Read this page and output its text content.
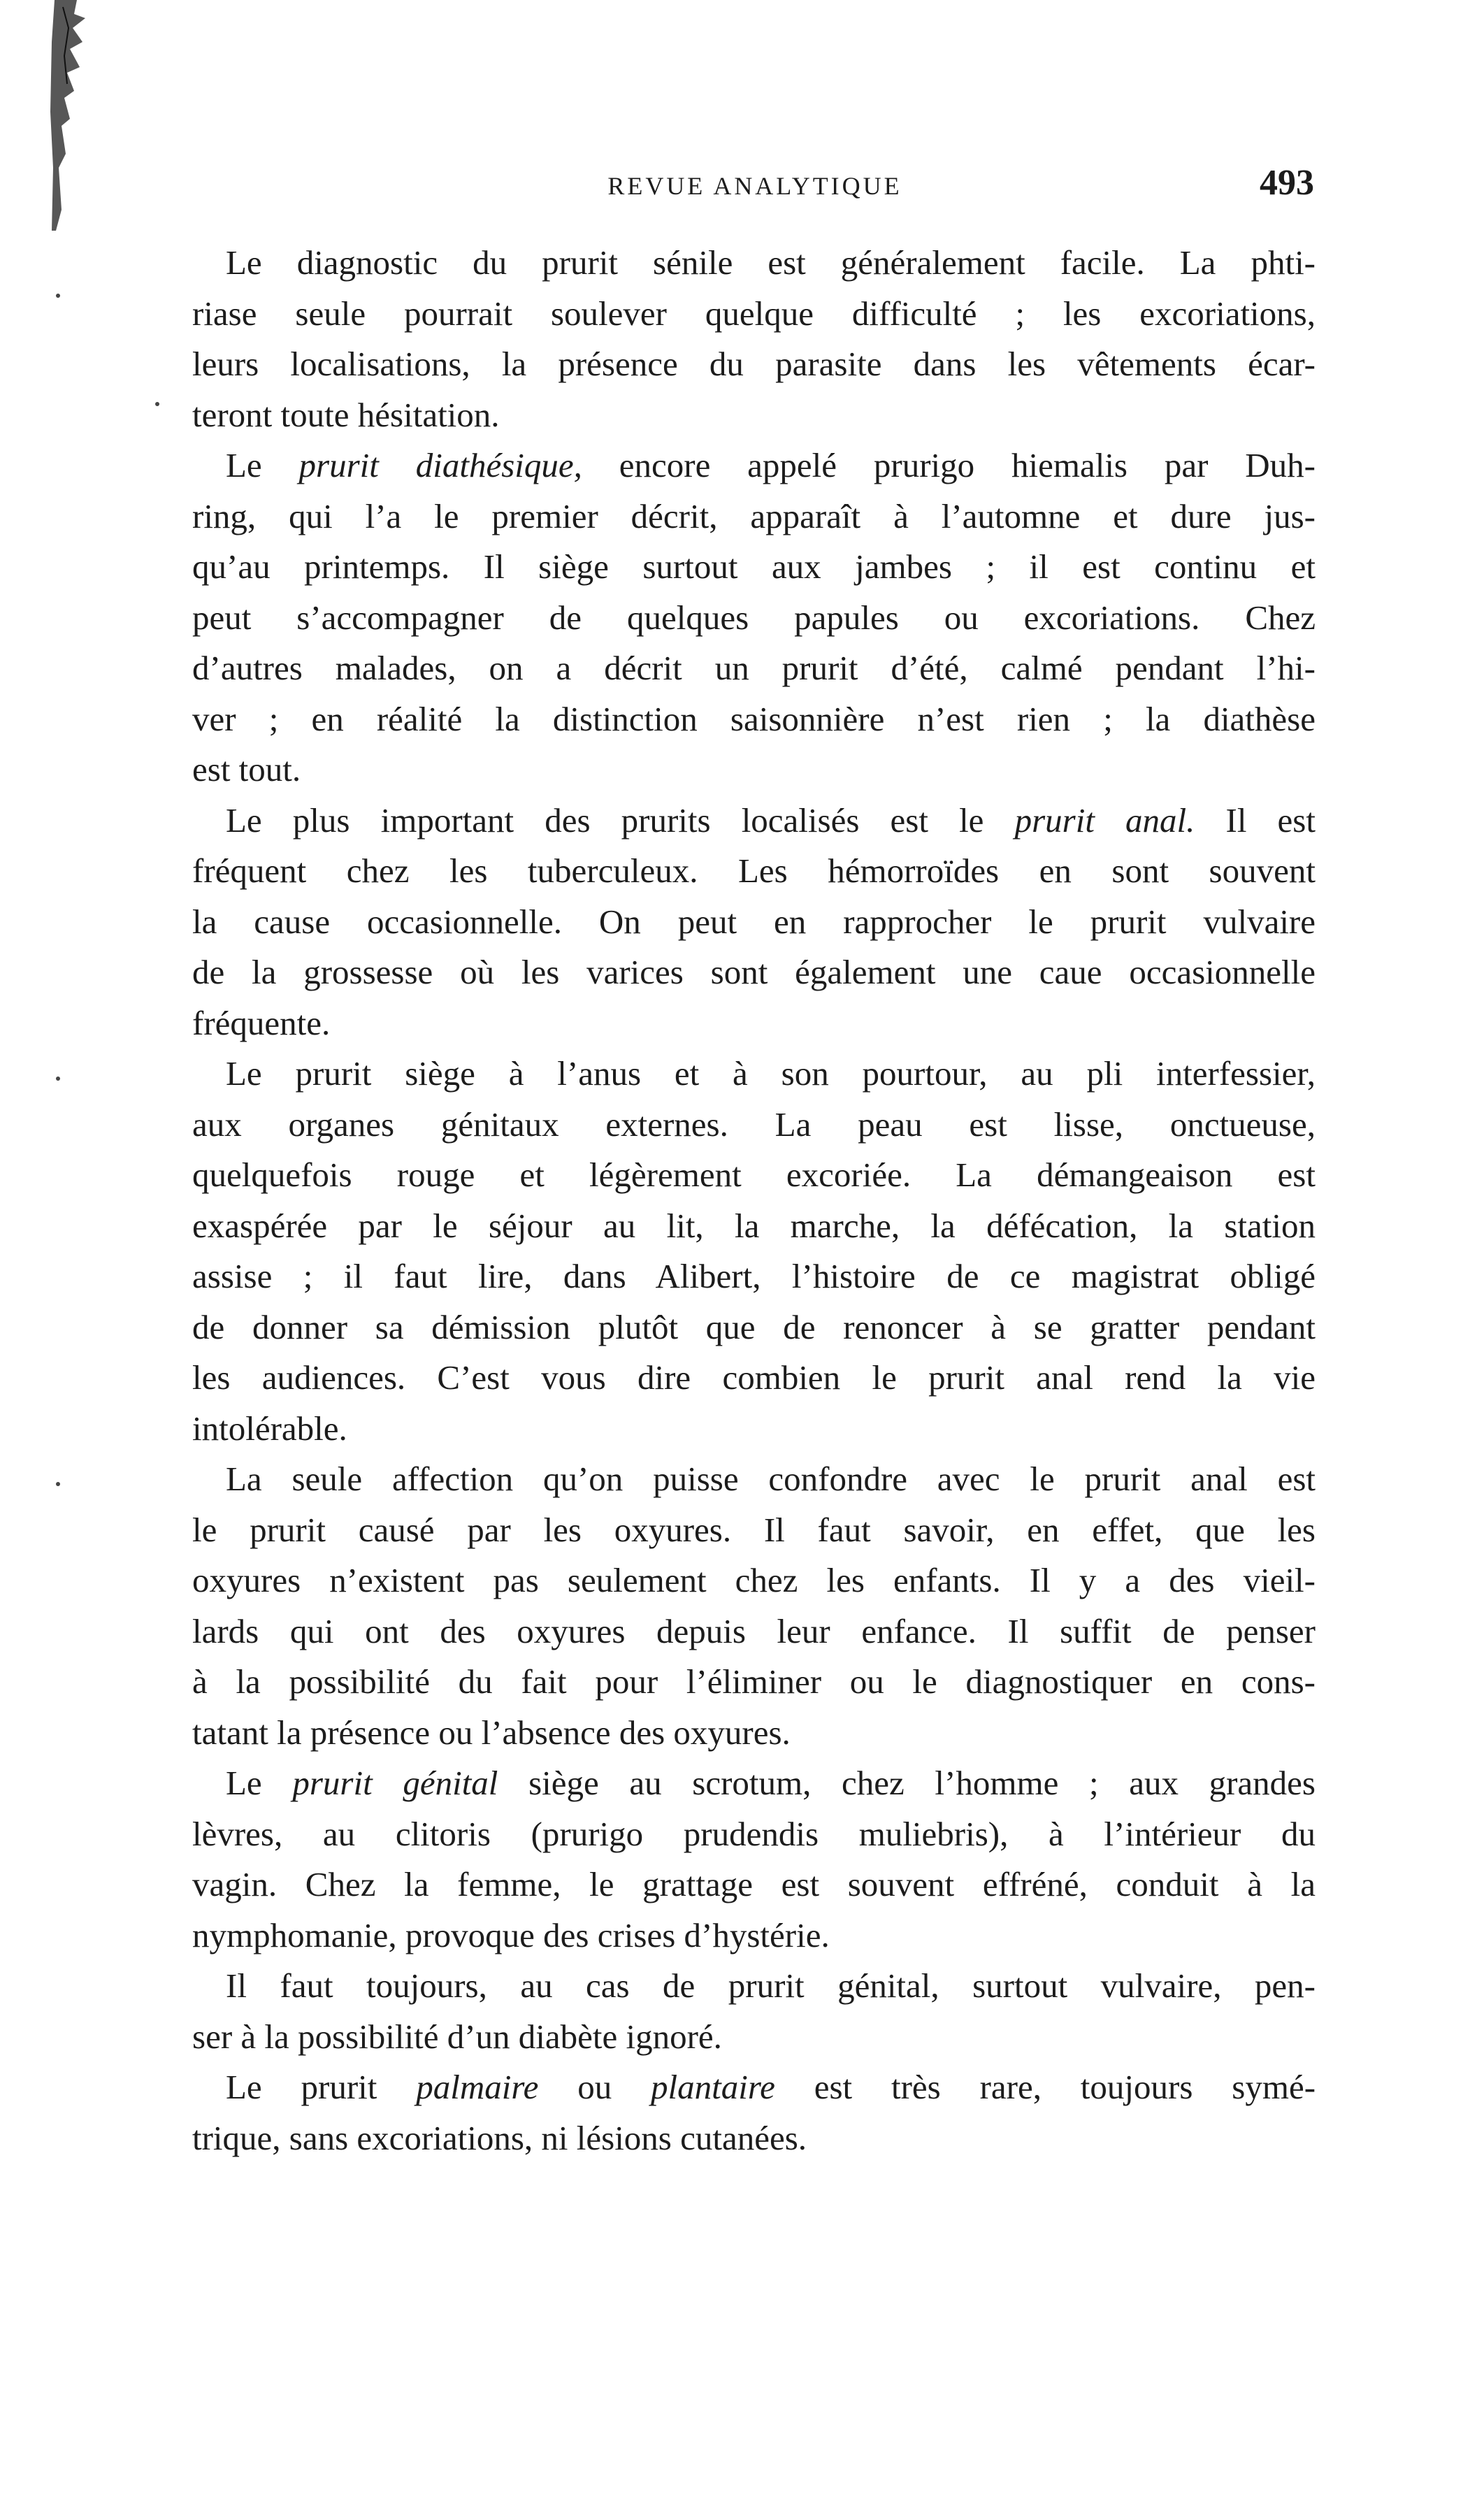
REVUE ANALYTIQUE	493

Le diagnostic du prurit sénile est généralement facile. La phti-
riase seule pourrait soulever quelque difficulté ; les excoriations,
leurs localisations, la présence du parasite dans les vêtements écar-
teront toute hésitation.

Le prurit diathésique, encore appelé prurigo hiemalis par Duh-
ring, qui l’a le premier décrit, apparaît à l’automne et dure jus-
qu’au printemps. Il siège surtout aux jambes ; il est continu et
peut s’accompagner de quelques papules ou excoriations. Chez
d’autres malades, on a décrit un prurit d’été, calmé pendant l’hi-
ver ; en réalité la distinction saisonnière n’est rien ; la diathèse
est tout.

Le plus important des prurits localisés est le prurit anal. Il est
fréquent chez les tuberculeux. Les hémorroïdes en sont souvent
la cause occasionnelle. On peut en rapprocher le prurit vulvaire
de la grossesse où les varices sont également une caue occasionnelle
fréquente.

Le prurit siège à l’anus et à son pourtour, au pli interfessier,
aux organes génitaux externes. La peau est lisse, onctueuse,
quelquefois rouge et légèrement excoriée. La démangeaison est
exaspérée par le séjour au lit, la marche, la défécation, la station
assise ; il faut lire, dans Alibert, l’histoire de ce magistrat obligé
de donner sa démission plutôt que de renoncer à se gratter pendant
les audiences. C’est vous dire combien le prurit anal rend la vie
intolérable.

La seule affection qu’on puisse confondre avec le prurit anal est
le prurit causé par les oxyures. Il faut savoir, en effet, que les
oxyures n’existent pas seulement chez les enfants. Il y a des vieil-
lards qui ont des oxyures depuis leur enfance. Il suffit de penser
à la possibilité du fait pour l’éliminer ou le diagnostiquer en cons-
tatant la présence ou l’absence des oxyures.

Le prurit génital siège au scrotum, chez l’homme ; aux grandes
lèvres, au clitoris (prurigo prudendis muliebris), à l’intérieur du
vagin. Chez la femme, le grattage est souvent effréné, conduit à la
nymphomanie, provoque des crises d’hystérie.

Il faut toujours, au cas de prurit génital, surtout vulvaire, pen-
ser à la possibilité d’un diabète ignoré.

Le prurit palmaire ou plantaire est très rare, toujours symé-
trique, sans excoriations, ni lésions cutanées.
